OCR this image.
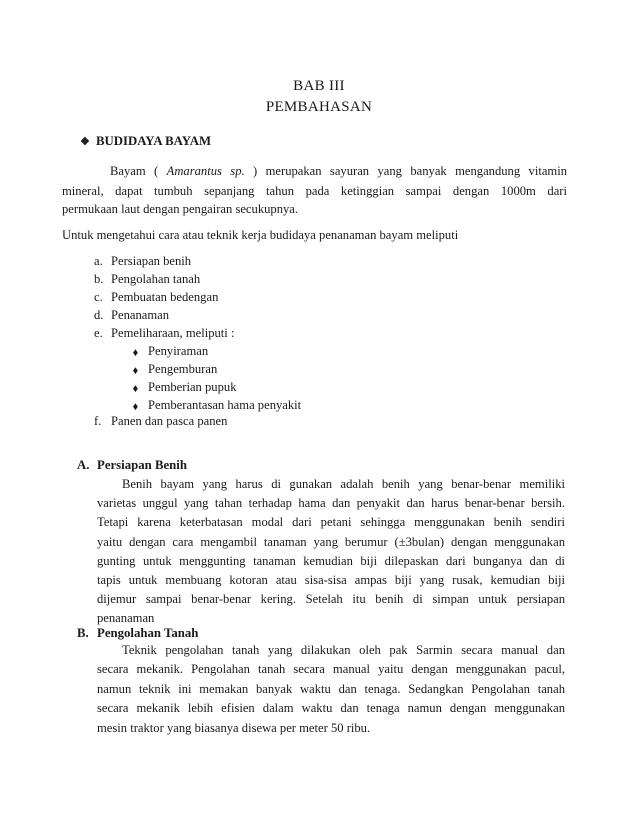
BAB III
PEMBAHASAN
❖ BUDIDAYA BAYAM
Bayam ( Amarantus sp. ) merupakan sayuran yang banyak mengandung vitamin
mineral, dapat tumbuh sepanjang tahun pada ketinggian sampai dengan 1000m dari
permukaan laut dengan pengairan secukupnya.
Untuk mengetahui cara atau teknik kerja budidaya penanaman bayam meliputi
a. Persiapan benih
b. Pengolahan tanah
c. Pembuatan bedengan
d. Penanaman
e. Pemeliharaan, meliputi :
◆ Penyiraman
◆ Pengemburan
◆ Pemberian pupuk
◆ Pemberantasan hama penyakit
f. Panen dan pasca panen
A. Persiapan Benih
Benih bayam yang harus di gunakan adalah benih yang benar-benar memiliki
varietas unggul yang tahan terhadap hama dan penyakit dan harus benar-benar bersih.
Tetapi karena keterbatasan modal dari petani sehingga menggunakan benih sendiri
yaitu dengan cara mengambil tanaman yang berumur (±3bulan) dengan menggunakan
gunting untuk menggunting tanaman kemudian biji dilepaskan dari bunganya dan di
tapis untuk membuang kotoran atau sisa-sisa ampas biji yang rusak, kemudian biji
dijemur sampai benar-benar kering. Setelah itu benih di simpan untuk persiapan
penanaman
B. Pengolahan Tanah
Teknik pengolahan tanah yang dilakukan oleh pak Sarmin secara manual dan
secara mekanik. Pengolahan tanah secara manual yaitu dengan menggunakan pacul,
namun teknik ini memakan banyak waktu dan tenaga. Sedangkan Pengolahan tanah
secara mekanik lebih efisien dalam waktu dan tenaga namun dengan menggunakan
mesin traktor yang biasanya disewa per meter 50 ribu.
